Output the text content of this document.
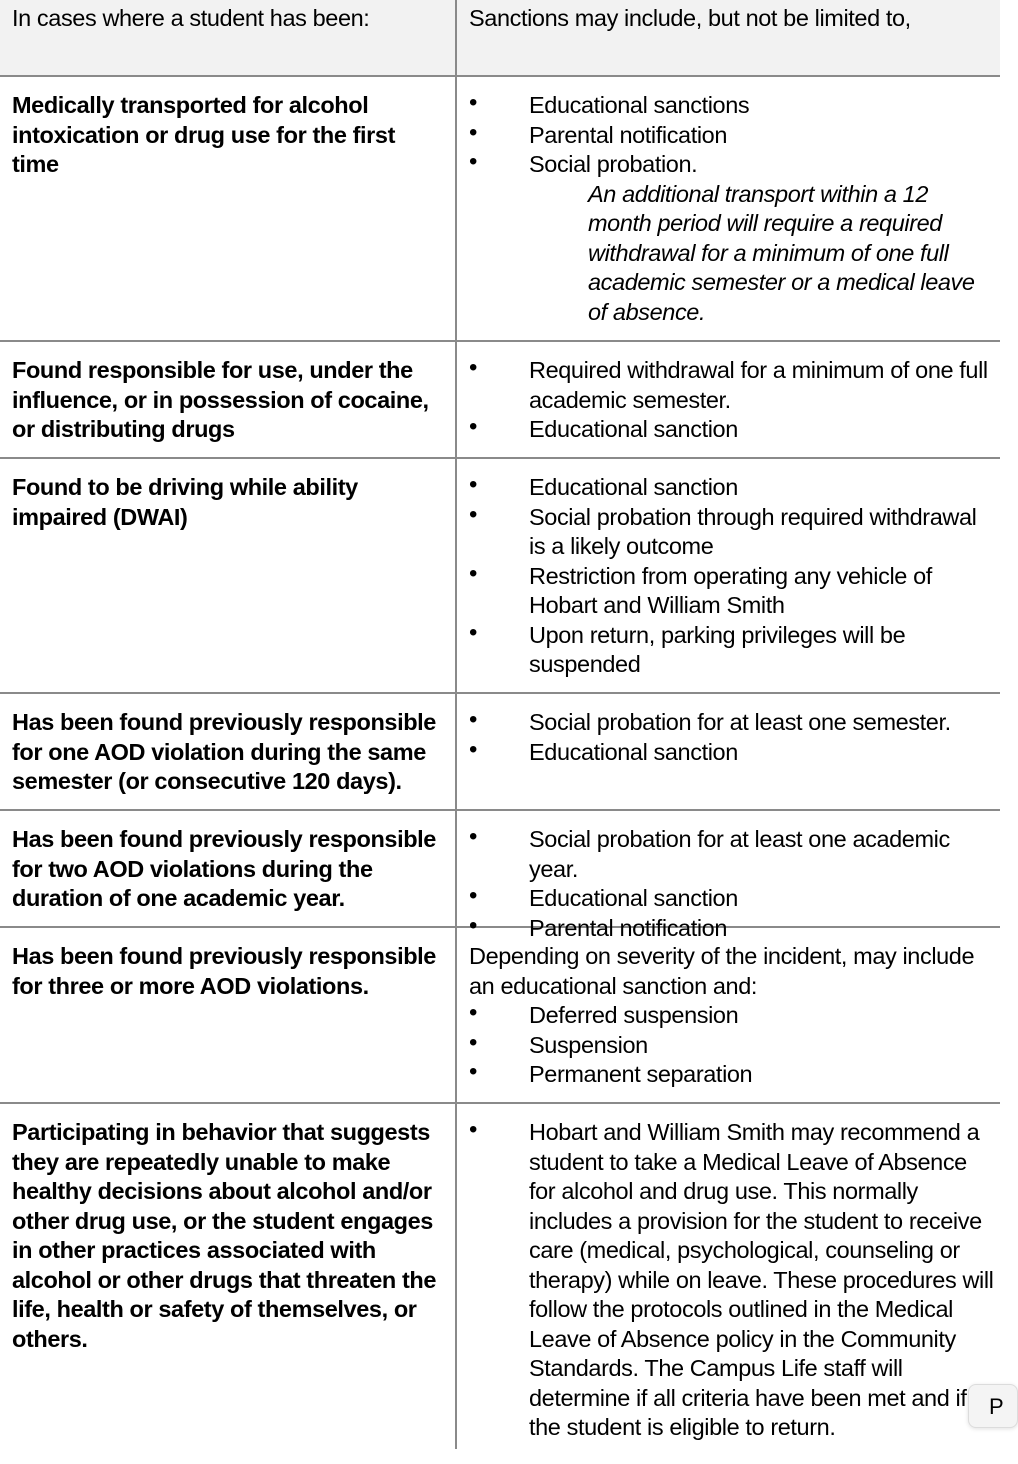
In cases where a student has been:	Sanctions may include, but not be limited to,
Medically transported for alcohol intoxication or drug use for the first time
• Educational sanctions
• Parental notification
• Social probation.
An additional transport within a 12 month period will require a required withdrawal for a minimum of one full academic semester or a medical leave of absence.
Found responsible for use, under the influence, or in possession of cocaine, or distributing drugs
• Required withdrawal for a minimum of one full academic semester.
• Educational sanction
Found to be driving while ability impaired (DWAI)
• Educational sanction
• Social probation through required withdrawal is a likely outcome
• Restriction from operating any vehicle of Hobart and William Smith
• Upon return, parking privileges will be suspended
Has been found previously responsible for one AOD violation during the same semester (or consecutive 120 days).
• Social probation for at least one semester.
• Educational sanction
Has been found previously responsible for two AOD violations during the duration of one academic year.
• Social probation for at least one academic year.
• Educational sanction
• Parental notification
Has been found previously responsible for three or more AOD violations.
Depending on severity of the incident, may include an educational sanction and:
• Deferred suspension
• Suspension
• Permanent separation
Participating in behavior that suggests they are repeatedly unable to make healthy decisions about alcohol and/or other drug use, or the student engages in other practices associated with alcohol or other drugs that threaten the life, health or safety of themselves, or others.
• Hobart and William Smith may recommend a student to take a Medical Leave of Absence for alcohol and drug use. This normally includes a provision for the student to receive care (medical, psychological, counseling or therapy) while on leave. These procedures will follow the protocols outlined in the Medical Leave of Absence policy in the Community Standards. The Campus Life staff will determine if all criteria have been met and if the student is eligible to return.
P
